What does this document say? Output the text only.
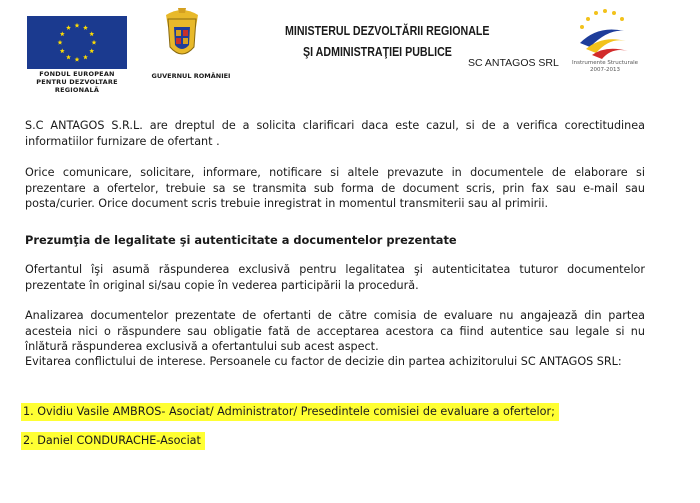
FONDUL EUROPEAN
PENTRU DEZVOLTARE REGIONALĂ
GUVERNUL ROMÂNIEI
MINISTERUL DEZVOLTĂRII REGIONALE
ŞI ADMINISTRAŢIEI PUBLICE
SC ANTAGOS SRL	Instrumente Structurale
2007-2013
S.C ANTAGOS S.R.L. are dreptul de a solicita clarificari daca este cazul, si de a verifica corectitudinea informatiilor furnizare de ofertant .
Orice comunicare, solicitare, informare, notificare si altele prevazute in documentele de elaborare si prezentare a ofertelor, trebuie sa se transmita sub forma de document scris, prin fax sau e-mail sau posta/curier. Orice document scris trebuie inregistrat in momentul transmiterii sau al primirii.
Prezumţia de legalitate şi autenticitate a documentelor prezentate
Ofertantul îşi asumă răspunderea exclusivă pentru legalitatea şi autenticitatea tuturor documentelor prezentate în original si/sau copie în vederea participării la procedură.
Analizarea documentelor prezentate de ofertanti de către comisia de evaluare nu angajează din partea acesteia nici o răspundere sau obligatie fată de acceptarea acestora ca fiind autentice sau legale si nu înlătură răspunderea exclusivă a ofertantului sub acest aspect.
Evitarea conflictului de interese. Persoanele cu factor de decizie din partea achizitorului SC ANTAGOS SRL:
1. Ovidiu Vasile AMBROS- Asociat/ Administrator/ Presedintele comisiei de evaluare a ofertelor;
2. Daniel CONDURACHE-Asociat
